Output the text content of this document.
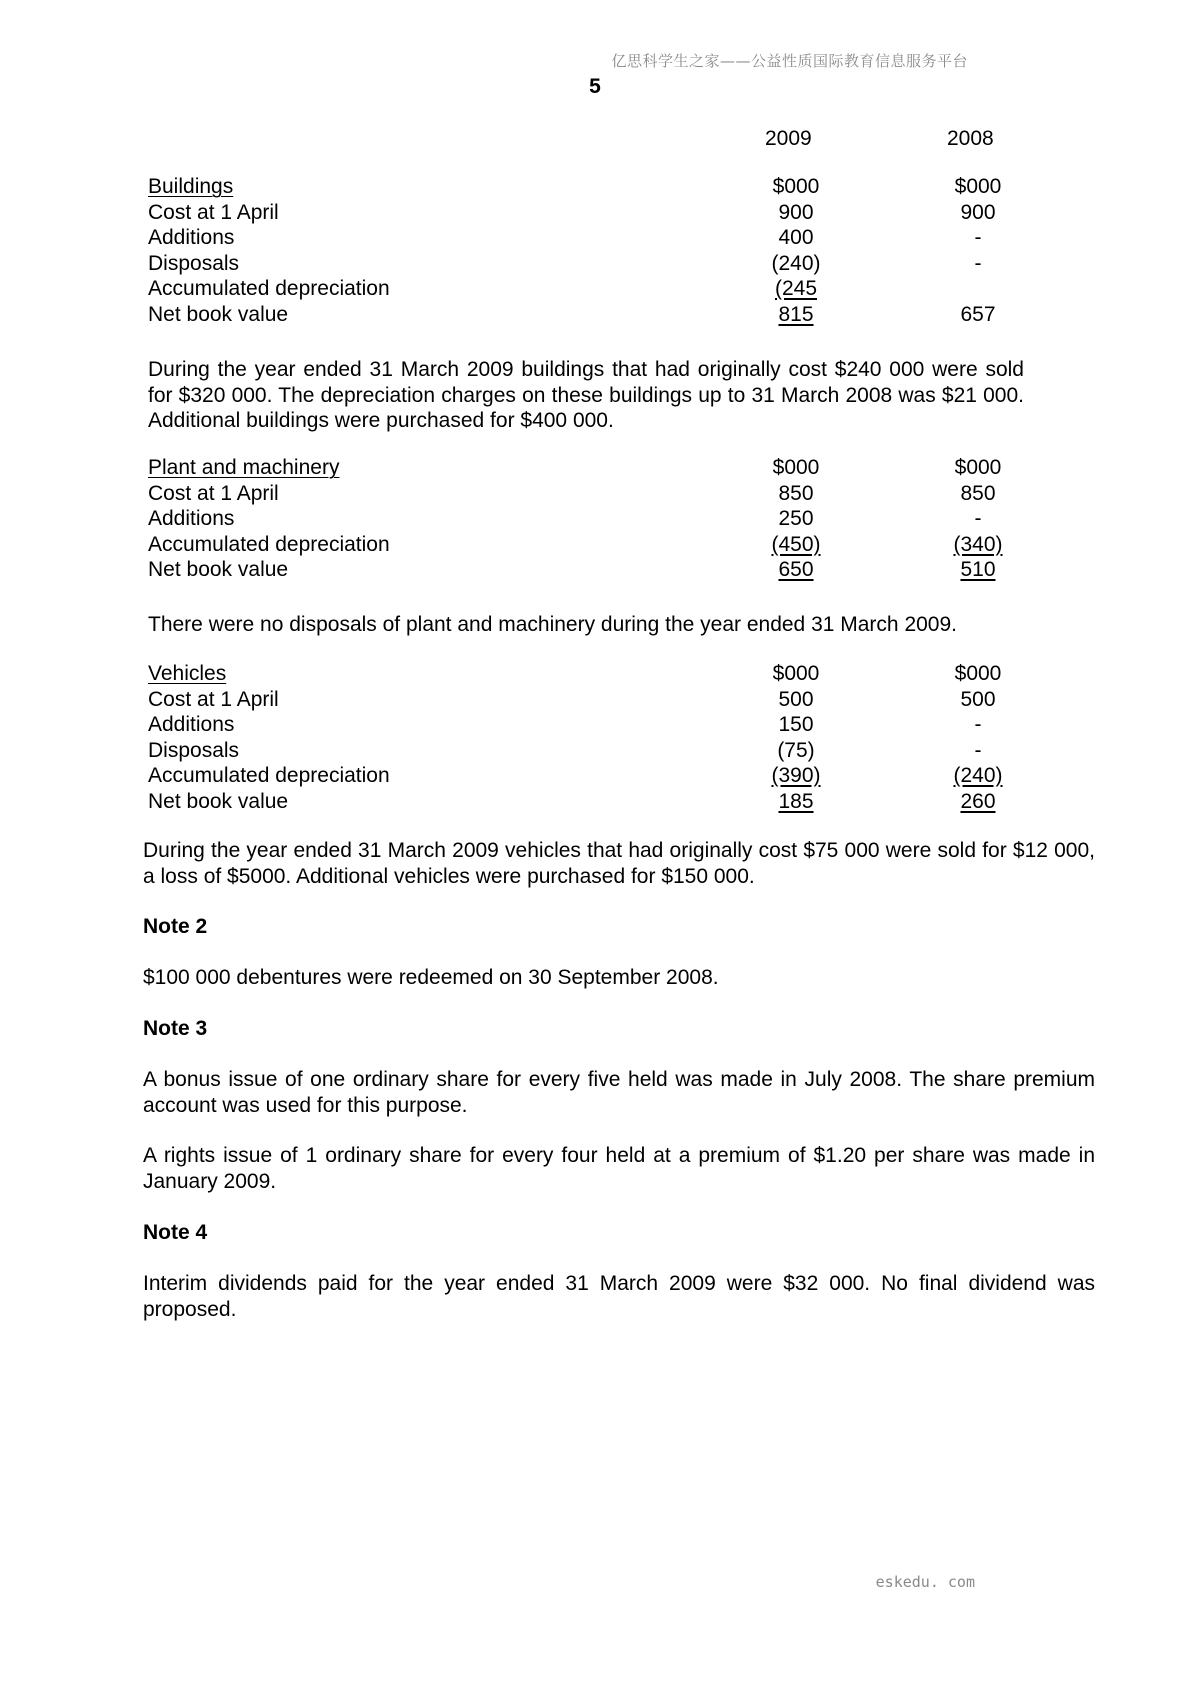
亿思科学生之家——公益性质国际教育信息服务平台
5
2009	2008
Buildings	$000	$000
Cost at 1 April	900	900
Additions	400	-
Disposals	(240)	-
Accumulated depreciation	(245
Net book value	815	657

During the year ended 31 March 2009 buildings that had originally cost $240 000 were sold for $320 000. The depreciation charges on these buildings up to 31 March 2008 was $21 000. Additional buildings were purchased for $400 000.

Plant and machinery	$000	$000
Cost at 1 April	850	850
Additions	250	-
Accumulated depreciation	(450)	(340)
Net book value	650	510

There were no disposals of plant and machinery during the year ended 31 March 2009.

Vehicles	$000	$000
Cost at 1 April	500	500
Additions	150	-
Disposals	(75)	-
Accumulated depreciation	(390)	(240)
Net book value	185	260

During the year ended 31 March 2009 vehicles that had originally cost $75 000 were sold for $12 000, a loss of $5000. Additional vehicles were purchased for $150 000.

Note 2

$100 000 debentures were redeemed on 30 September 2008.

Note 3

A bonus issue of one ordinary share for every five held was made in July 2008. The share premium account was used for this purpose.

A rights issue of 1 ordinary share for every four held at a premium of $1.20 per share was made in January 2009.

Note 4

Interim dividends paid for the year ended 31 March 2009 were $32 000. No final dividend was proposed.

eskedu. com
